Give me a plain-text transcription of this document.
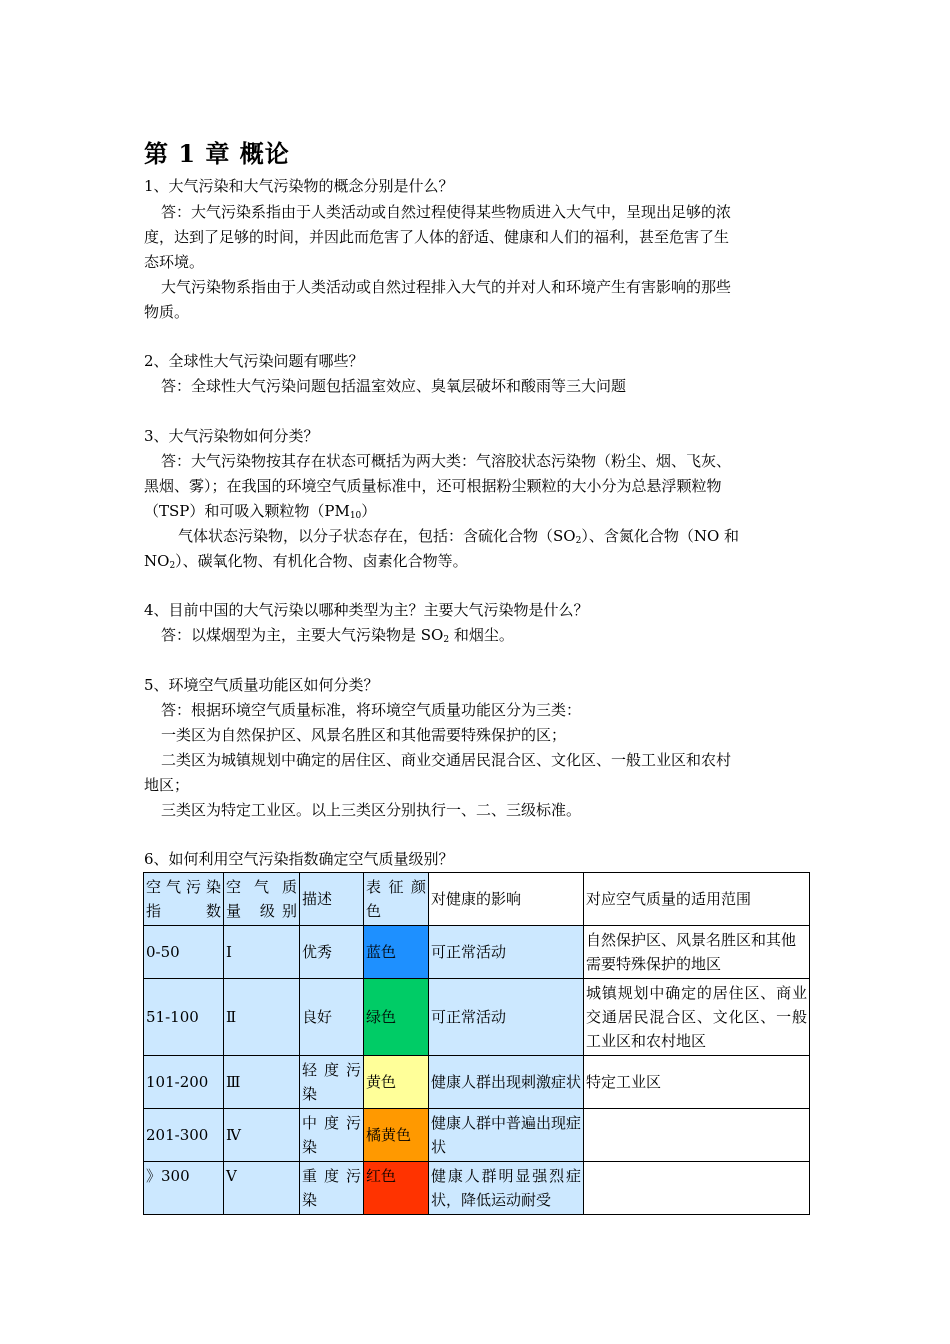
第 1 章 概论
1、大气污染和大气污染物的概念分别是什么？
答：大气污染系指由于人类活动或自然过程使得某些物质进入大气中，呈现出足够的浓
度，达到了足够的时间，并因此而危害了人体的舒适、健康和人们的福利，甚至危害了生
态环境。
大气污染物系指由于人类活动或自然过程排入大气的并对人和环境产生有害影响的那些
物质。
2、全球性大气污染问题有哪些？
答：全球性大气污染问题包括温室效应、臭氧层破坏和酸雨等三大问题
3、大气污染物如何分类？
答：大气污染物按其存在状态可概括为两大类：气溶胶状态污染物（粉尘、烟、飞灰、
黑烟、雾）；在我国的环境空气质量标准中，还可根据粉尘颗粒的大小分为总悬浮颗粒物
（TSP）和可吸入颗粒物$(PM_{10})$
气体状态污染物，以分子状态存在，包括：含硫化合物$(SO_2)$、含氮化合物（NO 和
$NO_2$）、碳氧化物、有机化合物、卤素化合物等。
4、目前中国的大气污染以哪种类型为主？主要大气污染物是什么？
答：以煤烟型为主，主要大气污染物是 $SO_2$ 和烟尘。
5、环境空气质量功能区如何分类？
答：根据环境空气质量标准，将环境空气质量功能区分为三类：
一类区为自然保护区、风景名胜区和其他需要特殊保护的区；
二类区为城镇规划中确定的居住区、商业交通居民混合区、文化区、一般工业区和农村
地区；
三类区为特定工业区。以上三类区分别执行一、二、三级标准。
6、如何利用空气污染指数确定空气质量级别？
空 气 污 染 指数	空 气 质 量 级别	描述	表 征 颜 色	对健康的影响	对应空气质量的适用范围
0-50	Ⅰ	优秀	蓝色	可正常活动	自然保护区、风景名胜区和其他需要特殊保护的地区
51-100	Ⅱ	良好	绿色	可正常活动	城镇规划中确定的居住区、商业交通居民混合区、文化区、一般工业区和农村地区
101-200	Ⅲ	轻 度 污 染	黄色	健康人群出现刺激症状	特定工业区
201-300	Ⅳ	中 度 污 染	橘黄色	健康人群中普遍出现症状	
》300	Ⅴ	重 度 污 染	红色	健康人群明显强烈症状，降低运动耐受	
